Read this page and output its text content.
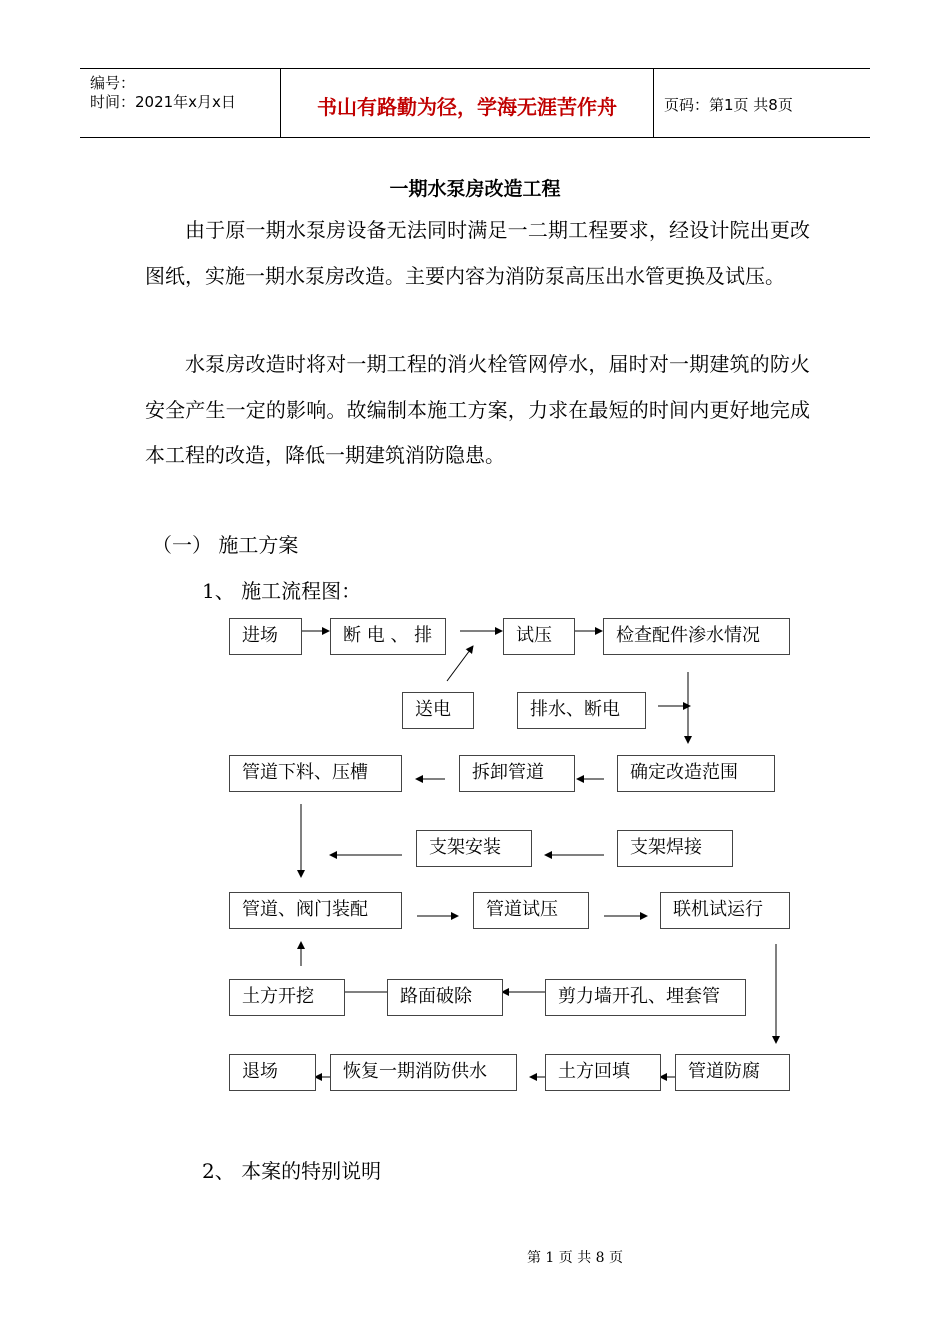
编号：
时间：2021年x月x日	书山有路勤为径，学海无涯苦作舟	页码：第1页 共8页
一期水泵房改造工程

由于原一期水泵房设备无法同时满足一二期工程要求，经设计院出更改图纸，实施一期水泵房改造。主要内容为消防泵高压出水管更换及试压。

水泵房改造时将对一期工程的消火栓管网停水，届时对一期建筑的防火安全产生一定的影响。故编制本施工方案，力求在最短的时间内更好地完成本工程的改造，降低一期建筑消防隐患。

（一） 施工方案
1、 施工流程图：
进场	断 电 、 排	试压	检查配件渗水情况
送电	排水、断电
管道下料、压槽	拆卸管道	确定改造范围
支架安装	支架焊接
管道、阀门装配	管道试压	联机试运行
土方开挖	路面破除	剪力墙开孔、埋套管
退场	恢复一期消防供水	土方回填	管道防腐
2、 本案的特别说明
第 1 页 共 8 页
